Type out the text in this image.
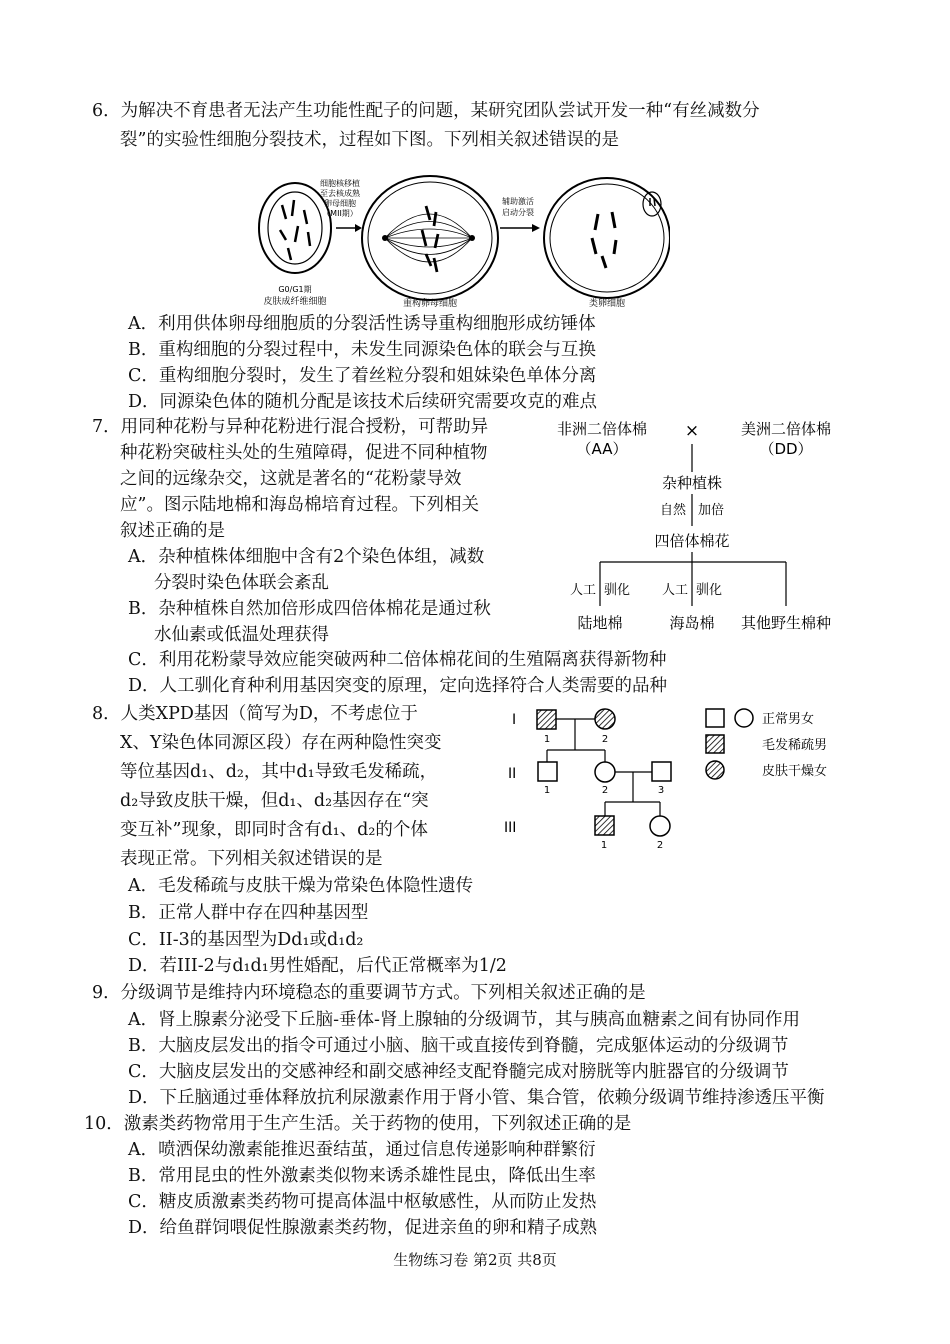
6．为解决不育患者无法产生功能性配子的问题，某研究团队尝试开发一种“有丝减数分
裂”的实验性细胞分裂技术，过程如下图。下列相关叙述错误的是
细胞核移植
至去核成熟
卵母细胞
（MII期）
重构卵母细胞
辅助激活
启动分裂
类卵细胞
G0/G1期
皮肤成纤维细胞
A．利用供体卵母细胞质的分裂活性诱导重构细胞形成纺锤体
B．重构细胞的分裂过程中，未发生同源染色体的联会与互换
C．重构细胞分裂时，发生了着丝粒分裂和姐妹染色单体分离
D．同源染色体的随机分配是该技术后续研究需要攻克的难点
7．用同种花粉与异种花粉进行混合授粉，可帮助异
种花粉突破柱头处的生殖障碍，促进不同种植物
之间的远缘杂交，这就是著名的“花粉蒙导效
应”。图示陆地棉和海岛棉培育过程。下列相关
叙述正确的是
A．杂种植株体细胞中含有2个染色体组，减数
分裂时染色体联会紊乱
B．杂种植株自然加倍形成四倍体棉花是通过秋
水仙素或低温处理获得
C．利用花粉蒙导效应能突破两种二倍体棉花间的生殖隔离获得新物种
D．人工驯化育种利用基因突变的原理，定向选择符合人类需要的品种
非洲二倍体棉
（AA）
×	美洲二倍体棉
（DD）
杂种植株
自然 加倍
四倍体棉花
人工 驯化 人工 驯化
陆地棉	海岛棉 其他野生棉种
8．人类XPD基因（简写为D，不考虑位于
X、Y染色体同源区段）存在两种隐性突变
等位基因d₁、d₂，其中d₁导致毛发稀疏，
d₂导致皮肤干燥，但d₁、d₂基因存在“突
变互补”现象，即同时含有d₁、d₂的个体
表现正常。下列相关叙述错误的是
A．毛发稀疏与皮肤干燥为常染色体隐性遗传
B．正常人群中存在四种基因型
C．II-3的基因型为Dd₁或d₁d₂
D．若III-2与d₁d₁男性婚配，后代正常概率为1/2
I
II
III
1	2
1	2	3
1	2
正常男女
毛发稀疏男
皮肤干燥女
9．分级调节是维持内环境稳态的重要调节方式。下列相关叙述正确的是
A．肾上腺素分泌受下丘脑-垂体-肾上腺轴的分级调节，其与胰高血糖素之间有协同作用
B．大脑皮层发出的指令可通过小脑、脑干或直接传到脊髓，完成躯体运动的分级调节
C．大脑皮层发出的交感神经和副交感神经支配脊髓完成对膀胱等内脏器官的分级调节
D．下丘脑通过垂体释放抗利尿激素作用于肾小管、集合管，依赖分级调节维持渗透压平衡
10．激素类药物常用于生产生活。关于药物的使用，下列叙述正确的是
A．喷洒保幼激素能推迟蚕结茧，通过信息传递影响种群繁衍
B．常用昆虫的性外激素类似物来诱杀雄性昆虫，降低出生率
C．糖皮质激素类药物可提高体温中枢敏感性，从而防止发热
D．给鱼群饲喂促性腺激素类药物，促进亲鱼的卵和精子成熟
生物练习卷 第2页 共8页
